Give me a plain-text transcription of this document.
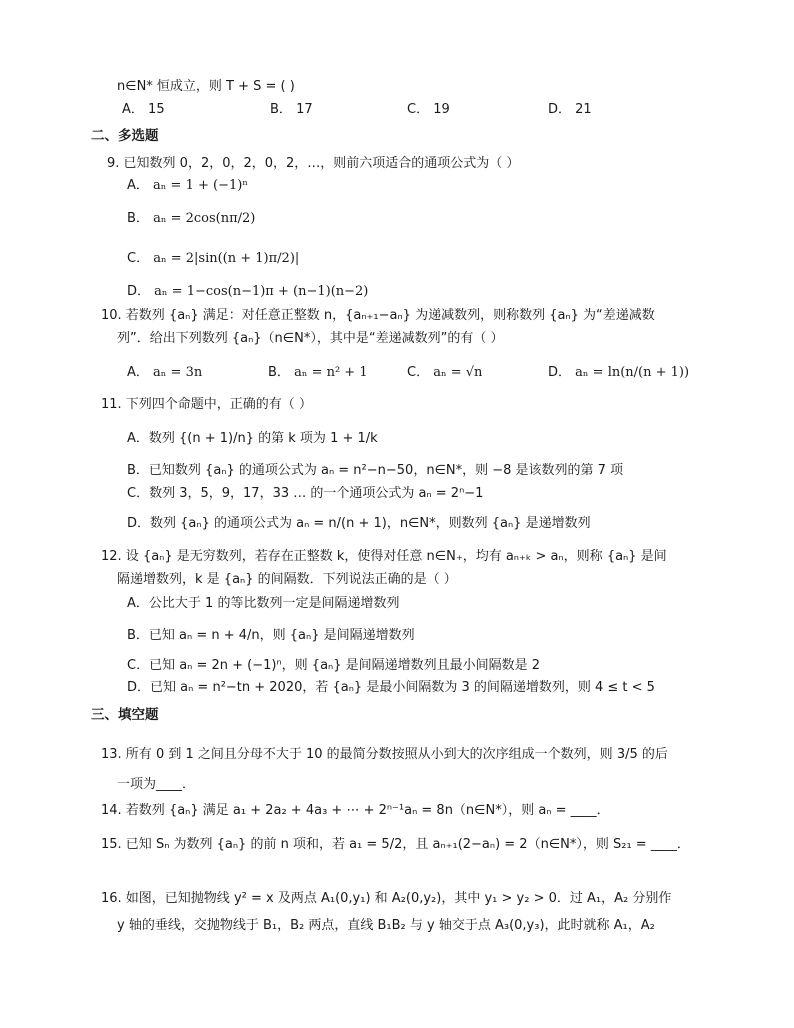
n∈N* 恒成立，则 T + S = ( )
A． 15	B． 17	C． 19	D． 21
二、多选题
9. 已知数列 0，2，0，2，0，2，…，则前六项适合的通项公式为（ ）
A． aₙ = 1 + (−1)ⁿ
B． aₙ = 2cos(nπ/2)
C． aₙ = 2|sin((n + 1)π/2)|
D． aₙ = 1−cos(n−1)π + (n−1)(n−2)
10. 若数列 {aₙ} 满足：对任意正整数 n，{aₙ₊₁−aₙ} 为递减数列，则称数列 {aₙ} 为“差递减数
列”．给出下列数列 {aₙ}（n∈N*），其中是“差递减数列”的有（ ）
A． aₙ = 3n	B． aₙ = n² + 1	C． aₙ = √n	D． aₙ = ln(n/(n + 1))
11. 下列四个命题中，正确的有（ ）
A．数列 {(n + 1)/n} 的第 k 项为 1 + 1/k
B．已知数列 {aₙ} 的通项公式为 aₙ = n²−n−50，n∈N*，则 −8 是该数列的第 7 项
C．数列 3，5，9，17，33 … 的一个通项公式为 aₙ = 2ⁿ−1
D．数列 {aₙ} 的通项公式为 aₙ = n/(n + 1)，n∈N*，则数列 {aₙ} 是递增数列
12. 设 {aₙ} 是无穷数列，若存在正整数 k，使得对任意 n∈N₊，均有 aₙ₊ₖ > aₙ，则称 {aₙ} 是间
隔递增数列，k 是 {aₙ} 的间隔数．下列说法正确的是（ ）
A．公比大于 1 的等比数列一定是间隔递增数列
B．已知 aₙ = n + 4/n，则 {aₙ} 是间隔递增数列
C．已知 aₙ = 2n + (−1)ⁿ，则 {aₙ} 是间隔递增数列且最小间隔数是 2
D．已知 aₙ = n²−tn + 2020，若 {aₙ} 是最小间隔数为 3 的间隔递增数列，则 4 ≤ t < 5
三、填空题
13. 所有 0 到 1 之间且分母不大于 10 的最简分数按照从小到大的次序组成一个数列，则 3/5 的后
一项为____．
14. 若数列 {aₙ} 满足 a₁ + 2a₂ + 4a₃ + ⋯ + 2ⁿ⁻¹aₙ = 8n（n∈N*），则 aₙ = ____．
15. 已知 Sₙ 为数列 {aₙ} 的前 n 项和，若 a₁ = 5/2，且 aₙ₊₁(2−aₙ) = 2（n∈N*），则 S₂₁ = ____．
16. 如图，已知抛物线 y² = x 及两点 A₁(0,y₁) 和 A₂(0,y₂)，其中 y₁ > y₂ > 0．过 A₁，A₂ 分别作
y 轴的垂线，交抛物线于 B₁，B₂ 两点，直线 B₁B₂ 与 y 轴交于点 A₃(0,y₃)，此时就称 A₁，A₂
